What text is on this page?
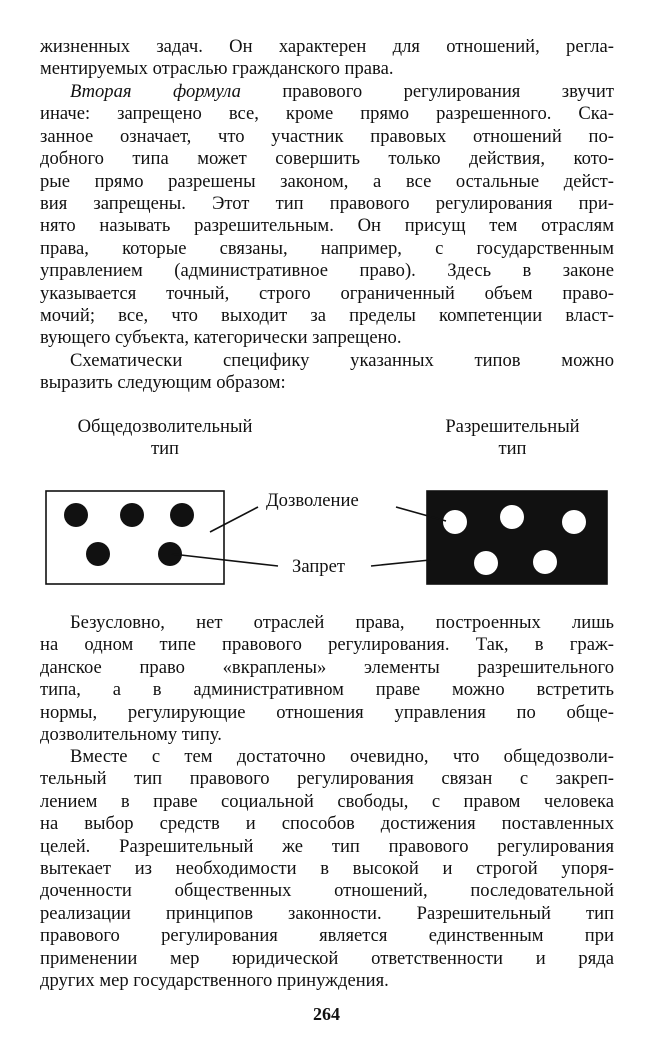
жизненных задач. Он характерен для отношений, регла-
ментируемых отраслью гражданского права.
Вторая формула правового регулирования звучит
иначе: запрещено все, кроме прямо разрешенного. Ска-
занное означает, что участник правовых отношений по-
добного типа может совершить только действия, кото-
рые прямо разрешены законом, а все остальные дейст-
вия запрещены. Этот тип правового регулирования при-
нято называть разрешительным. Он присущ тем отраслям
права, которые связаны, например, с государственным
управлением (административное право). Здесь в законе
указывается точный, строго ограниченный объем право-
мочий; все, что выходит за пределы компетенции власт-
вующего субъекта, категорически запрещено.
Схематически специфику указанных типов можно
выразить следующим образом:
Общедозволительный
тип
Разрешительный
тип
Дозволение
Запрет
Безусловно, нет отраслей права, построенных лишь
на одном типе правового регулирования. Так, в граж-
данское право «вкраплены» элементы разрешительного
типа, а в административном праве можно встретить
нормы, регулирующие отношения управления по обще-
дозволительному типу.
Вместе с тем достаточно очевидно, что общедозволи-
тельный тип правового регулирования связан с закреп-
лением в праве социальной свободы, с правом человека
на выбор средств и способов достижения поставленных
целей. Разрешительный же тип правового регулирования
вытекает из необходимости в высокой и строгой упоря-
доченности общественных отношений, последовательной
реализации принципов законности. Разрешительный тип
правового регулирования является единственным при
применении мер юридической ответственности и ряда
других мер государственного принуждения.
264
